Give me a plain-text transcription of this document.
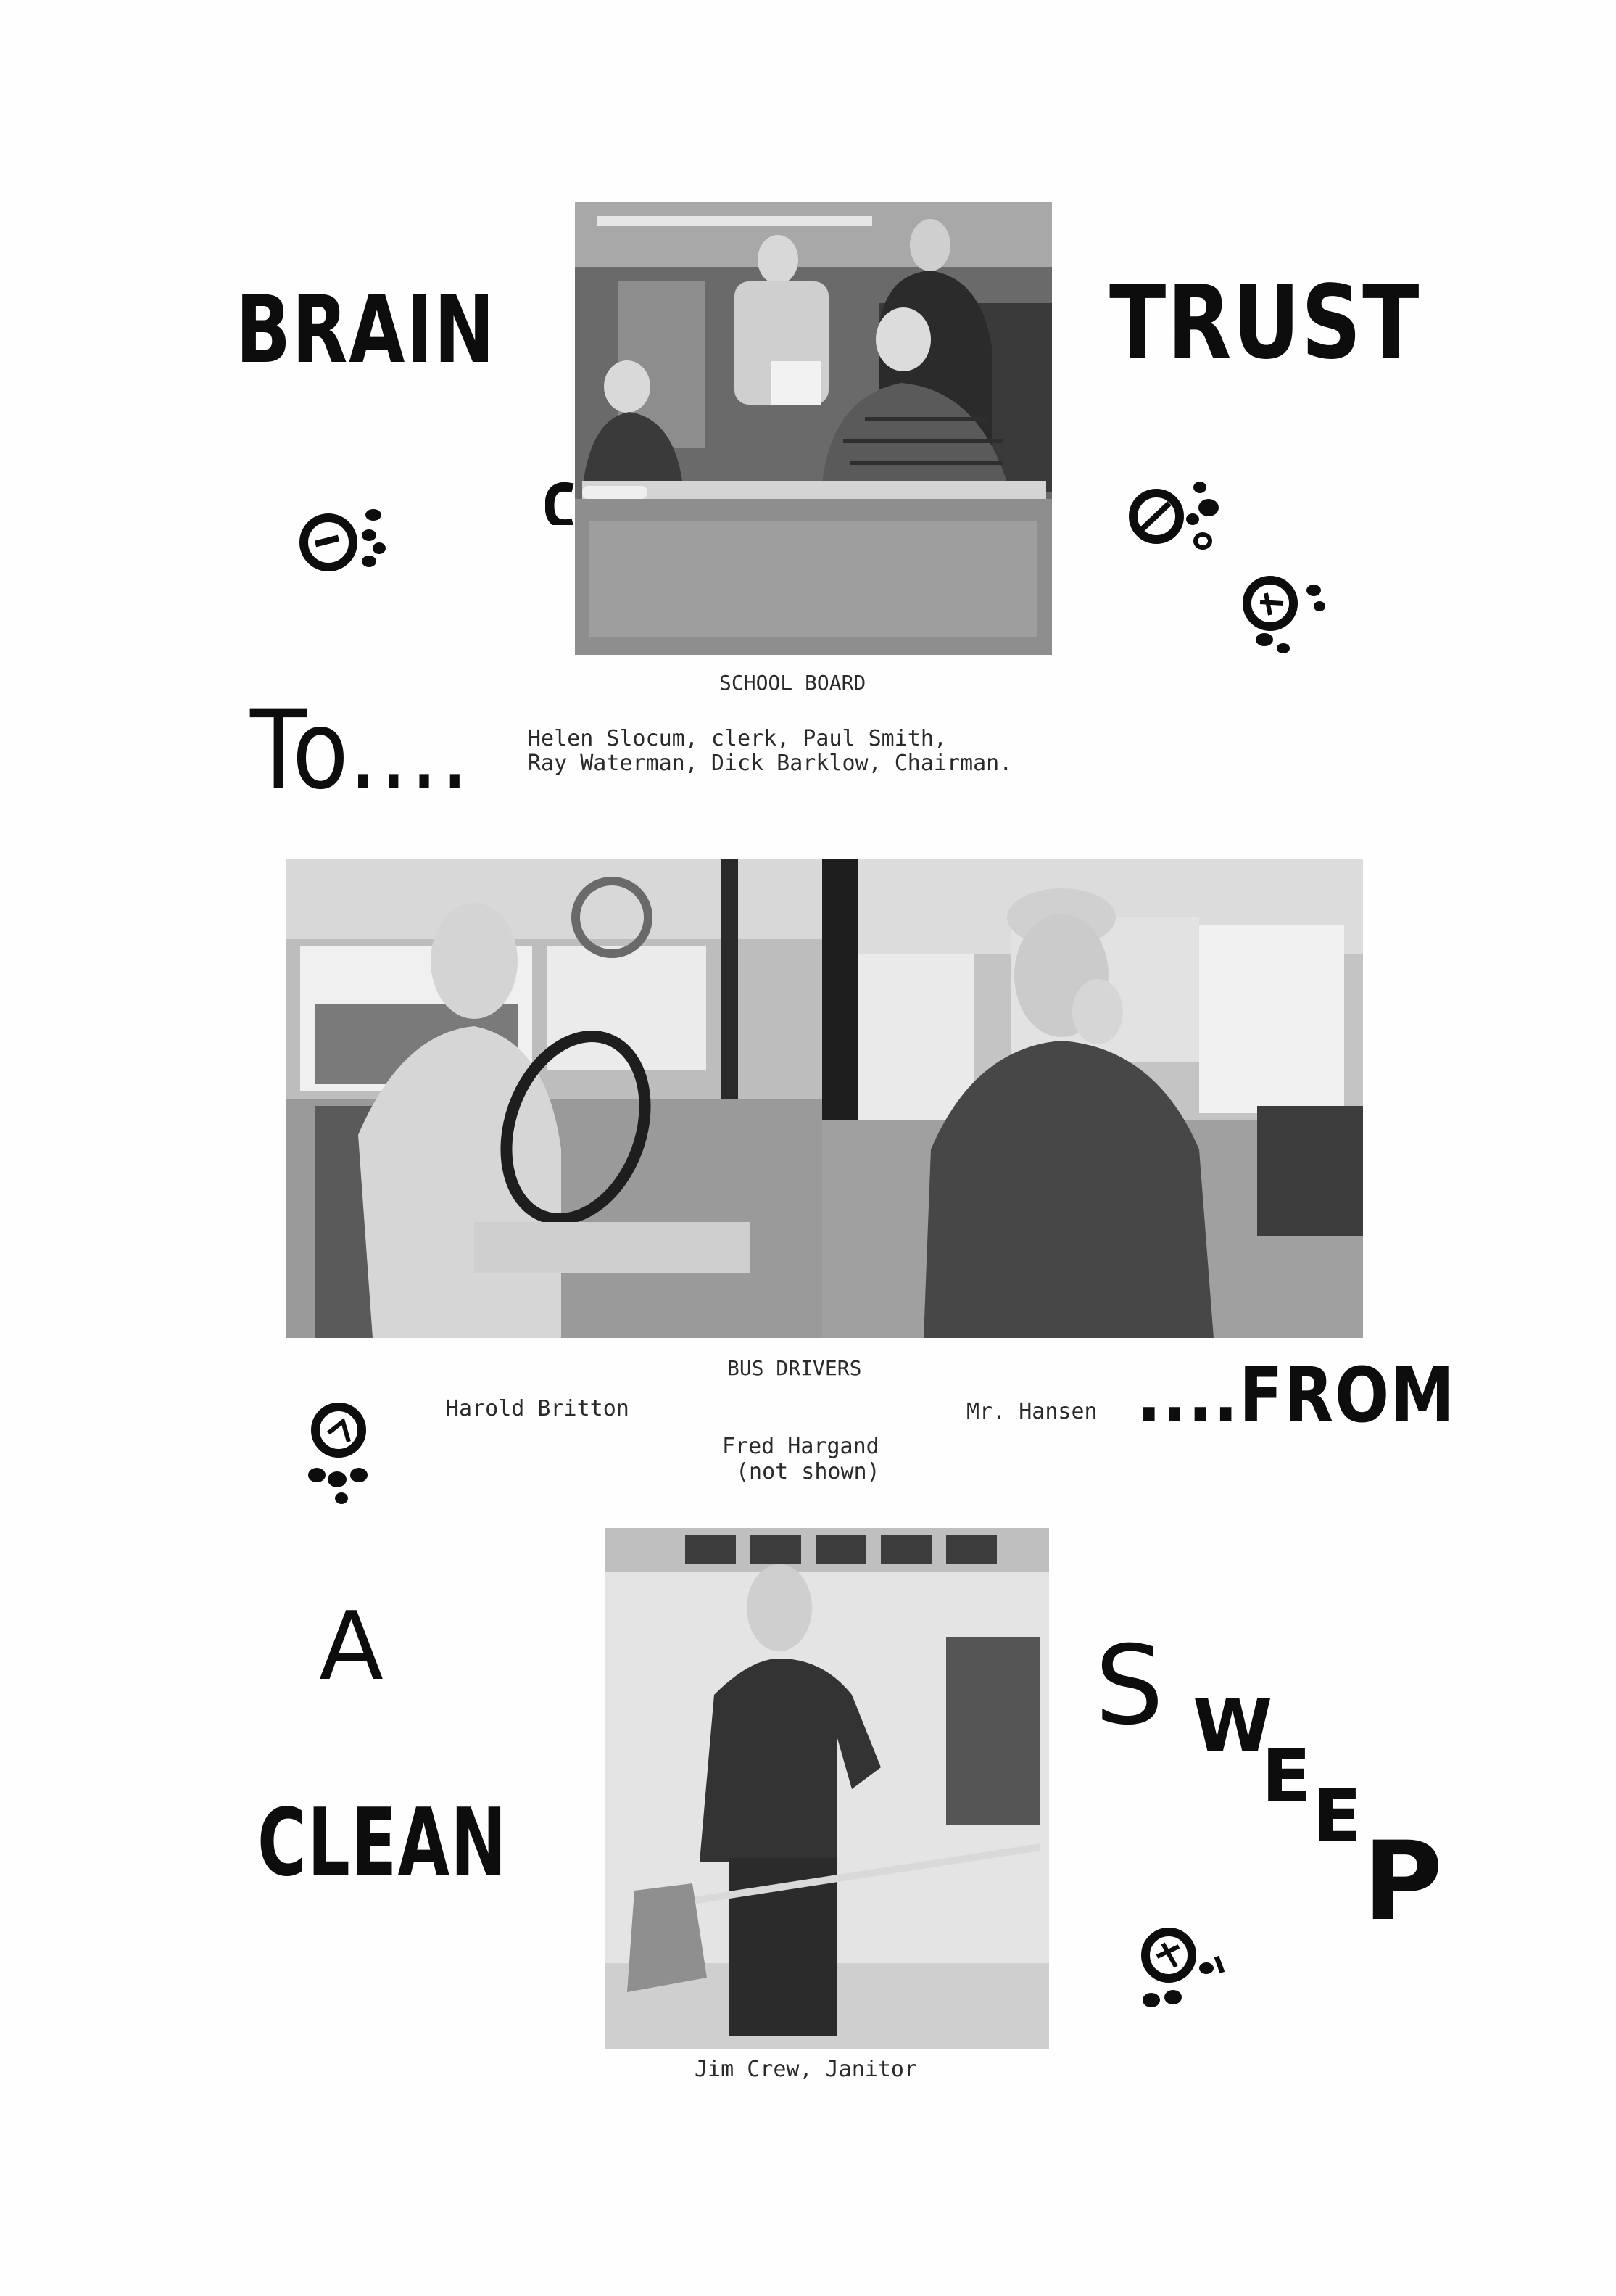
BRAIN	TRUST
To....
....FROM
A
CLEAN
S W
E E
P

SCHOOL BOARD

Helen Slocum, clerk, Paul Smith,

Ray Waterman, Dick Barklow, Chairman.

BUS DRIVERS

Harold Britton	Mr. Hansen

Fred Hargand

(not shown)

Jim Crew, Janitor
